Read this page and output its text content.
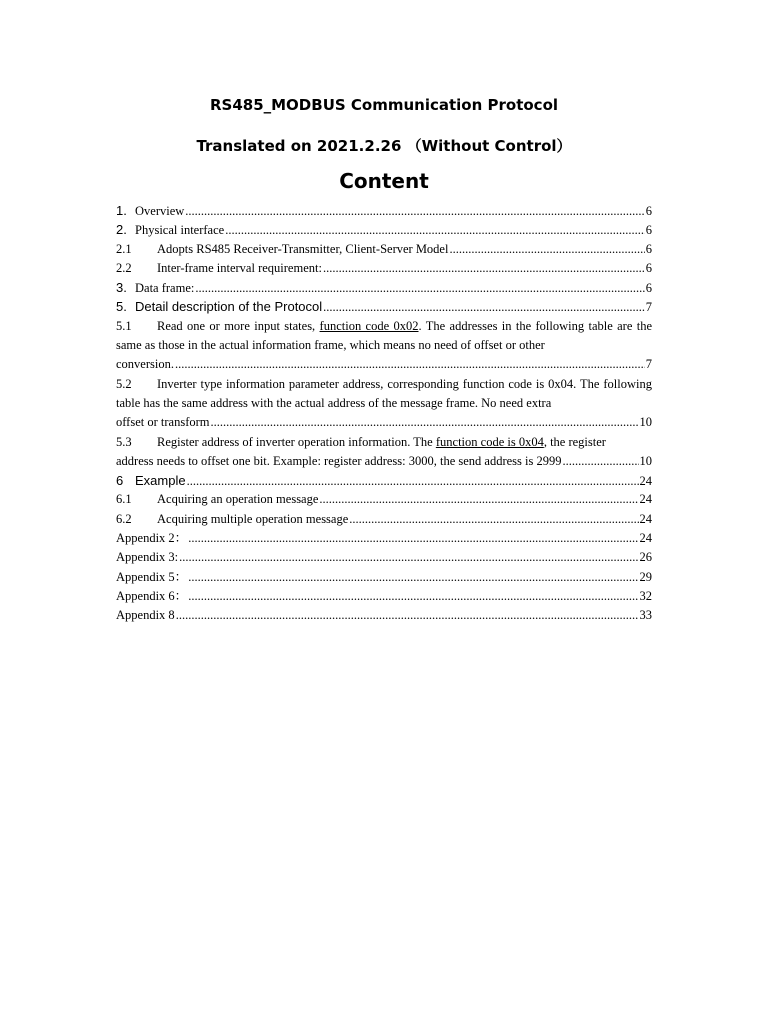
RS485_MODBUS Communication Protocol
Translated on 2021.2.26 （Without Control）
Content
1. Overview .....	6
2. Physical interface .....	6
2.1	Adopts RS485 Receiver-Transmitter, Client-Server Model .....	6
2.2	Inter-frame interval requirement: .....	6
3. Data frame: .....	6
5. Detail description of the Protocol .....	7
5.1 Read one or more input states, function code 0x02. The addresses in the following table are the same as those in the actual information frame, which means no need of offset or other
conversion. .....	7
5.2 Inverter type information parameter address, corresponding function code is 0x04. The following table has the same address with the actual address of the message frame. No need extra
offset or transform .....	10
5.3 Register address of inverter operation information. The function code is 0x04, the register
address needs to offset one bit. Example: register address: 3000, the send address is 2999 .....	10
6 Example .....	24
6.1	Acquiring an operation message .....	24
6.2	Acquiring multiple operation message .....	24
Appendix 2： .....	24
Appendix 3: .....	26
Appendix 5： .....	29
Appendix 6： .....	32
Appendix 8 .....	33
